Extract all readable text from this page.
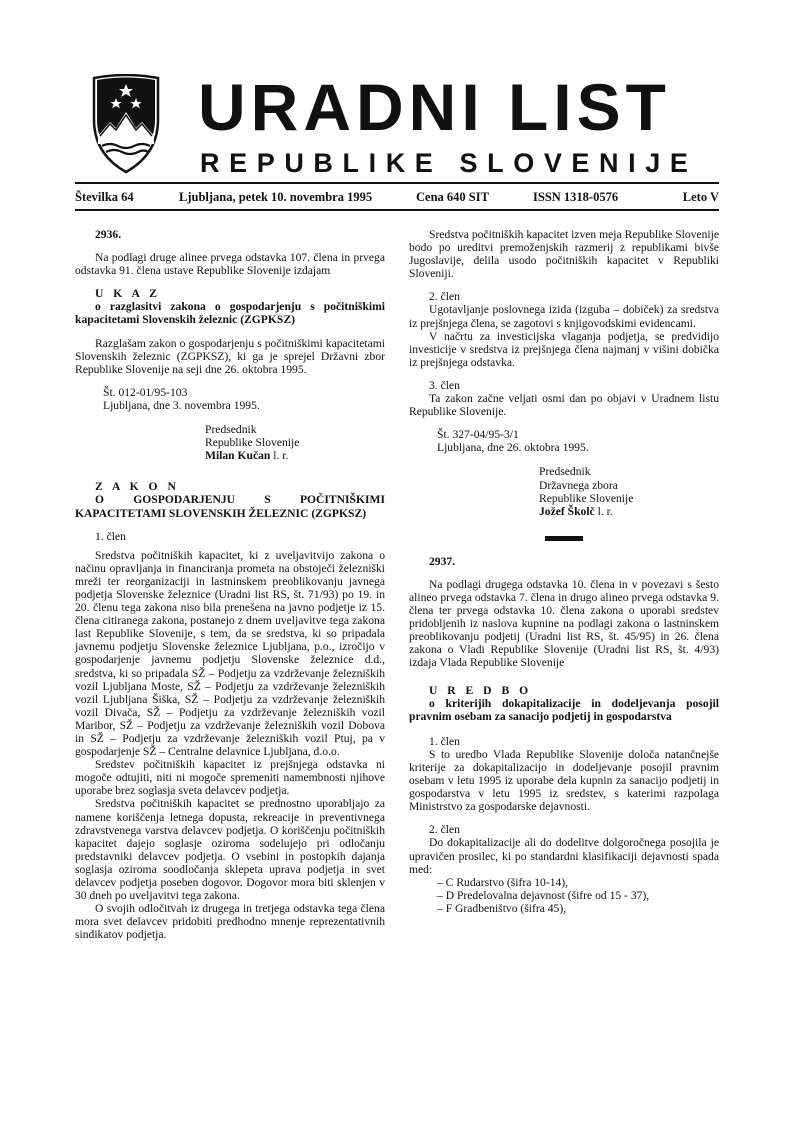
URADNI LIST
REPUBLIKE SLOVENIJE
Številka 64	Ljubljana, petek 10. novembra 1995	Cena 640 SIT	ISSN 1318-0576	Leto V

2936.

Na podlagi druge alinee prvega odstavka 107. člena in prvega odstavka 91. člena ustave Republike Slovenije izdajam

U K A Z

o razglasitvi zakona o gospodarjenju s počitniškimi kapacitetami Slovenskih železnic (ZGPKSZ)

Razglašam zakon o gospodarjenju s počitniškimi kapacitetami Slovenskih železnic (ZGPKSZ), ki ga je sprejel Državni zbor Republike Slovenije na seji dne 26. oktobra 1995.

Št. 012-01/95-103

Ljubljana, dne 3. novembra 1995.

Predsednik

Republike Slovenije

Milan Kučan l. r.

Z A K O N

O GOSPODARJENJU S POČITNIŠKIMI KAPACITETAMI SLOVENSKIH ŽELEZNIC (ZGPKSZ)

1. člen

Sredstva počitniških kapacitet, ki z uveljavitvijo zakona o načinu opravljanja in financiranja prometa na obstoječi železniški mreži ter reorganizaciji in lastninskem preoblikovanju javnega podjetja Slovenske železnice (Uradni list RS, št. 71/93) po 19. in 20. členu tega zakona niso bila prenešena na javno podjetje iz 15. člena citiranega zakona, postanejo z dnem uveljavitve tega zakona last Republike Slovenije, s tem, da se sredstva, ki so pripadala javnemu podjetju Slovenske železnice Ljubljana, p.o., izročijo v gospodarjenje javnemu podjetju Slovenske železnice d.d., sredstva, ki so pripadala SŽ – Podjetju za vzdrževanje železniških vozil Ljubljana Moste, SŽ – Podjetju za vzdrževanje železniških vozil Ljubljana Šiška, SŽ – Podjetju za vzdrževanje železniških vozil Divača, SŽ – Podjetju za vzdrževanje železniških vozil Maribor, SŽ – Podjetju za vzdrževanje železniških vozil Dobova in SŽ – Podjetju za vzdrževanje železniških vozil Ptuj, pa v gospodarjenje SŽ – Centralne delavnice Ljubljana, d.o.o.

Sredstev počitniških kapacitet iz prejšnjega odstavka ni mogoče odtujiti, niti ni mogoče spremeniti namembnosti njihove uporabe brez soglasja sveta delavcev podjetja.

Sredstva počitniških kapacitet se prednostno uporabljajo za namene koriščenja letnega dopusta, rekreacije in preventivnega zdravstvenega varstva delavcev podjetja. O koriščenju počitniških kapacitet dajejo soglasje oziroma sodelujejo pri odločanju predstavniki delavcev podjetja. O vsebini in postopkih dajanja soglasja oziroma soodločanja sklepeta uprava podjetja in svet delavcev podjetja poseben dogovor. Dogovor mora biti sklenjen v 30 dneh po uveljavitvi tega zakona.

O svojih odločitvah iz drugega in tretjega odstavka tega člena mora svet delavcev pridobiti predhodno mnenje reprezentativnih sindikatov podjetja.

Sredstva počitniških kapacitet izven meja Republike Slovenije bodo po ureditvi premoženjskih razmerij z republikami bivše Jugoslavije, delila usodo počitniških kapacitet v Republiki Sloveniji.

2. člen

Ugotavljanje poslovnega izida (izguba – dobiček) za sredstva iz prejšnjega člena, se zagotovi s knjigovodskimi evidencami.

V načrtu za investicijska vlaganja podjetja, se predvidijo investicije v sredstva iz prejšnjega člena najmanj v višini dobička iz prejšnjega odstavka.

3. člen

Ta zakon začne veljati osmi dan po objavi v Uradnem listu Republike Slovenije.

Št. 327-04/95-3/1

Ljubljana, dne 26. oktobra 1995.

Predsednik

Državnega zbora

Republike Slovenije

Jožef Školč l. r.

2937.

Na podlagi drugega odstavka 10. člena in v povezavi s šesto alineo prvega odstavka 7. člena in drugo alineo prvega odstavka 9. člena ter prvega odstavka 10. člena zakona o uporabi sredstev pridobljenih iz naslova kupnine na podlagi zakona o lastninskem preoblikovanju podjetij (Uradni list RS, št. 45/95) in 26. člena zakona o Vladi Republike Slovenije (Uradni list RS, št. 4/93) izdaja Vlada Republike Slovenije

U R E D B O

o kriterijih dokapitalizacije in dodeljevanja posojil pravnim osebam za sanacijo podjetij in gospodarstva

1. člen

S to uredbo Vlada Republike Slovenije določa natančnejše kriterije za dokapitalizacijo in dodeljevanje posojil pravnim osebam v letu 1995 iz uporabe dela kupnin za sanacijo podjetij in gospodarstva v letu 1995 iz sredstev, s katerimi razpolaga Ministrstvo za gospodarske dejavnosti.

2. člen

Do dokapitalizacije ali do dodelitve dolgoročnega posojila je upravičen prosilec, ki po standardni klasifikaciji dejavnosti spada med:

– C Rudarstvo (šifra 10-14),
– D Predelovalna dejavnost (šifre od 15 - 37),
– F Gradbeništvo (šifra 45),
